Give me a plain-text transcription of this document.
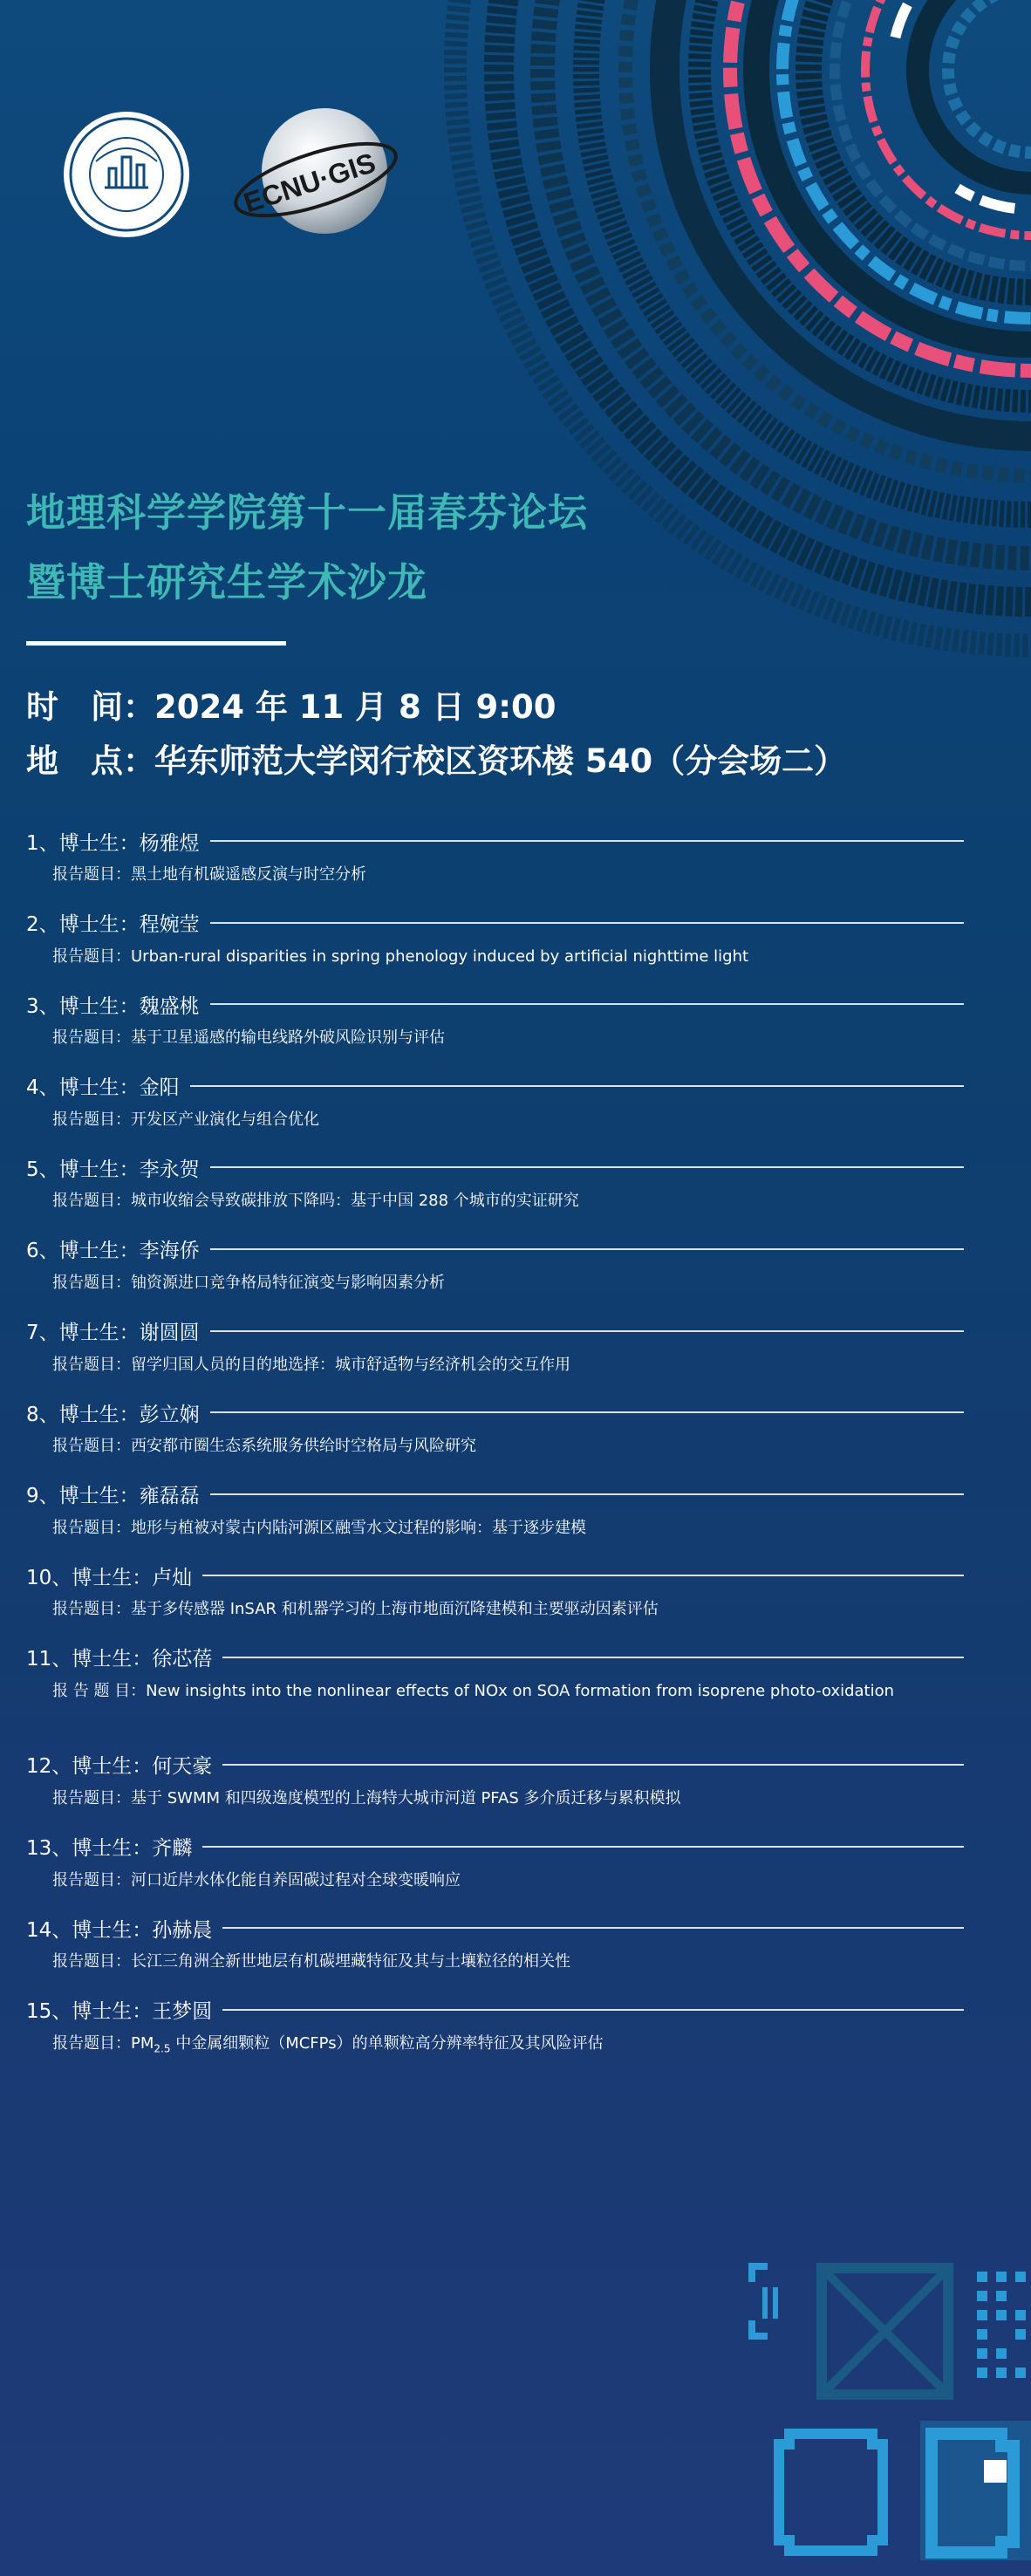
ECNU·GIS
地理科学学院第十一届春芬论坛
暨博士研究生学术沙龙
时　间：2024 年 11 月 8 日 9:00
地　点：华东师范大学闵行校区资环楼 540（分会场二）
1、博士生：杨雅煜
报告题目：黑土地有机碳遥感反演与时空分析
2、博士生：程婉莹
报告题目：Urban-rural disparities in spring phenology induced by artificial nighttime light
3、博士生：魏盛桃
报告题目：基于卫星遥感的输电线路外破风险识别与评估
4、博士生：金阳
报告题目：开发区产业演化与组合优化
5、博士生：李永贺
报告题目：城市收缩会导致碳排放下降吗：基于中国 288 个城市的实证研究
6、博士生：李海侨
报告题目：铀资源进口竞争格局特征演变与影响因素分析
7、博士生：谢圆圆
报告题目：留学归国人员的目的地选择：城市舒适物与经济机会的交互作用
8、博士生：彭立娴
报告题目：西安都市圈生态系统服务供给时空格局与风险研究
9、博士生：雍磊磊
报告题目：地形与植被对蒙古内陆河源区融雪水文过程的影响：基于逐步建模
10、博士生：卢灿
报告题目：基于多传感器 InSAR 和机器学习的上海市地面沉降建模和主要驱动因素评估
11、博士生：徐芯蓓
报 告 题 目：New insights into the nonlinear effects of NOx on SOA formation from isoprene photo-oxidation
12、博士生：何天豪
报告题目：基于 SWMM 和四级逸度模型的上海特大城市河道 PFAS 多介质迁移与累积模拟
13、博士生：齐麟
报告题目：河口近岸水体化能自养固碳过程对全球变暖响应
14、博士生：孙赫晨
报告题目：长江三角洲全新世地层有机碳埋藏特征及其与土壤粒径的相关性
15、博士生：王梦圆
报告题目：$PM_{2.5}$ 中金属细颗粒（MCFPs）的单颗粒高分辨率特征及其风险评估
